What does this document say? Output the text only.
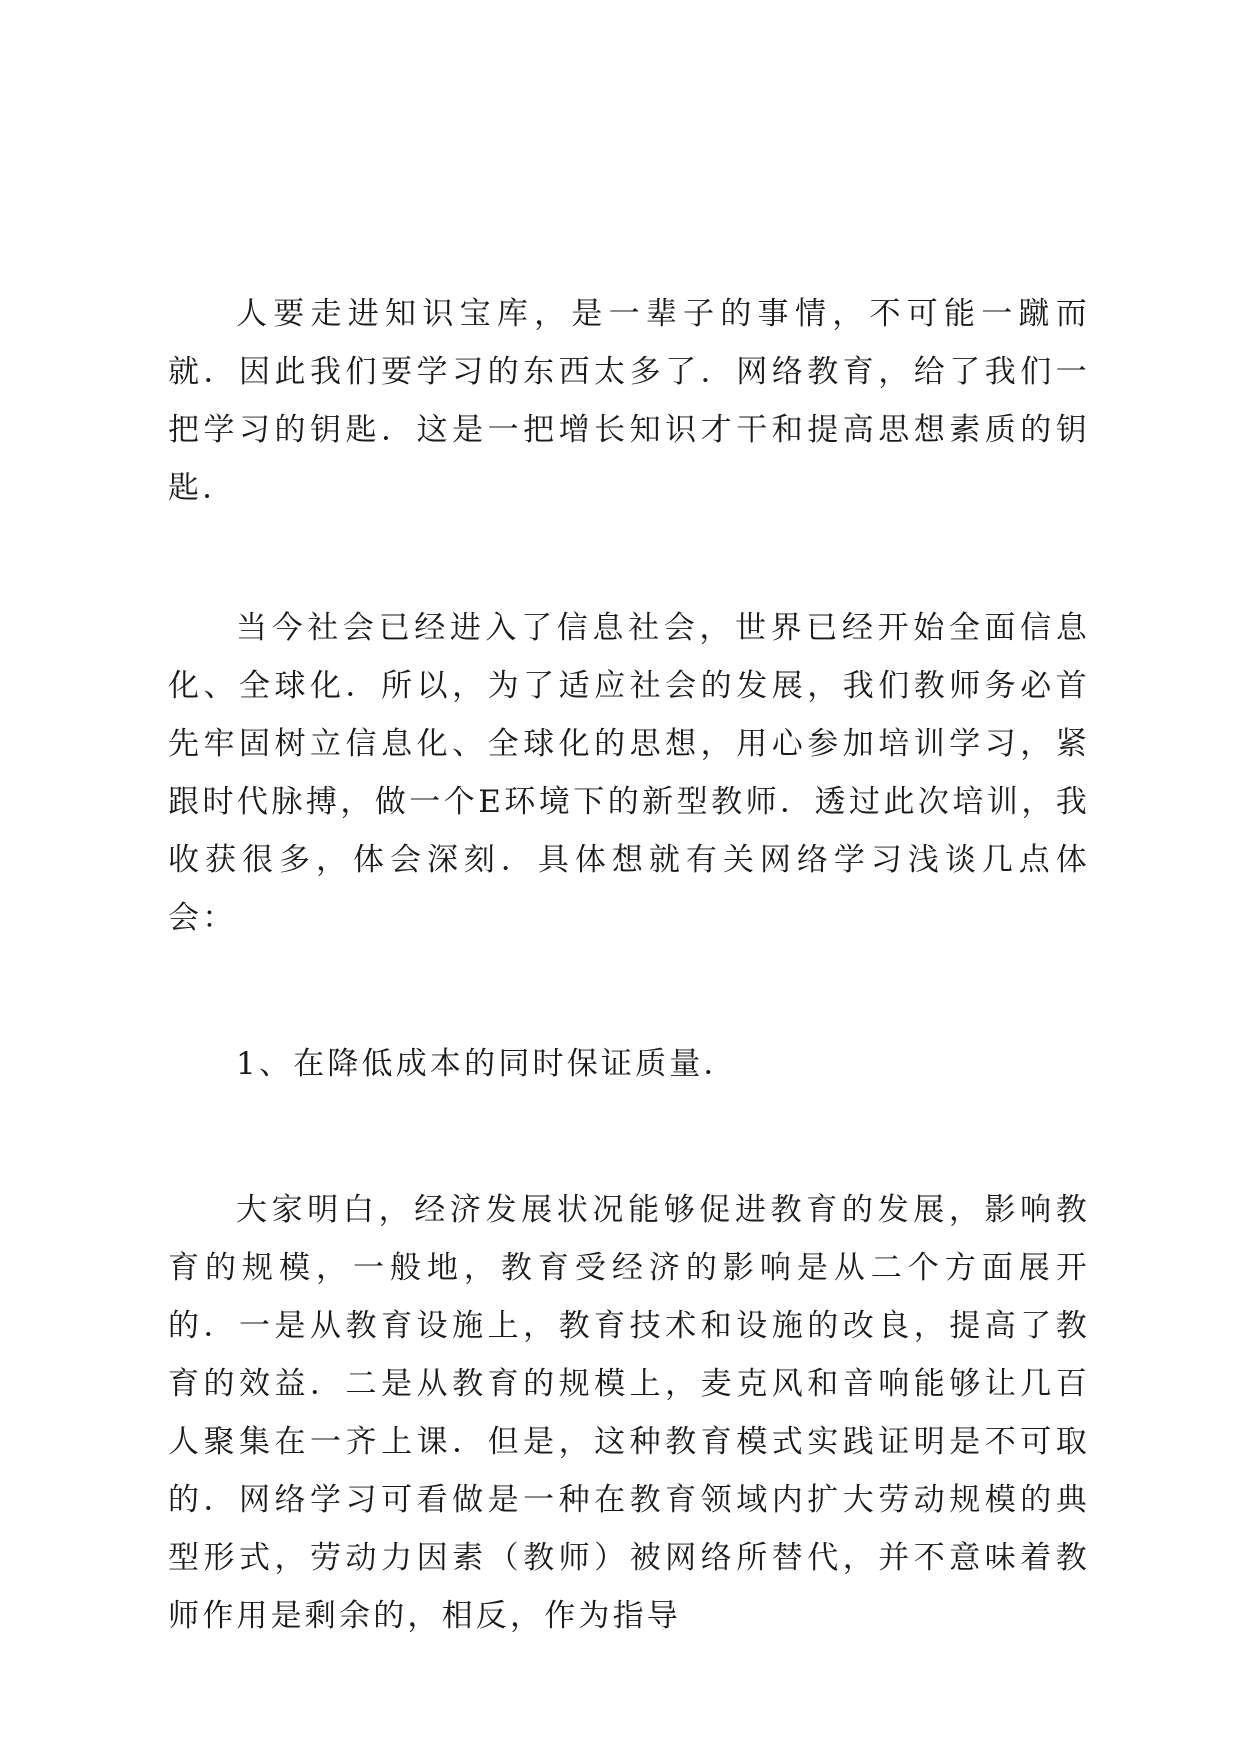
人要走进知识宝库，是一辈子的事情，不可能一蹴而就．因此我们要学习的东西太多了．网络教育，给了我们一把学习的钥匙．这是一把增长知识才干和提高思想素质的钥匙．

当今社会已经进入了信息社会，世界已经开始全面信息化、全球化．所以，为了适应社会的发展，我们教师务必首先牢固树立信息化、全球化的思想，用心参加培训学习，紧跟时代脉搏，做一个E环境下的新型教师．透过此次培训，我收获很多，体会深刻．具体想就有关网络学习浅谈几点体会：

1、在降低成本的同时保证质量．

大家明白，经济发展状况能够促进教育的发展，影响教育的规模，一般地，教育受经济的影响是从二个方面展开的．一是从教育设施上，教育技术和设施的改良，提高了教育的效益．二是从教育的规模上，麦克风和音响能够让几百人聚集在一齐上课．但是，这种教育模式实践证明是不可取的．网络学习可看做是一种在教育领域内扩大劳动规模的典型形式，劳动力因素（教师）被网络所替代，并不意味着教师作用是剩余的，相反，作为指导
